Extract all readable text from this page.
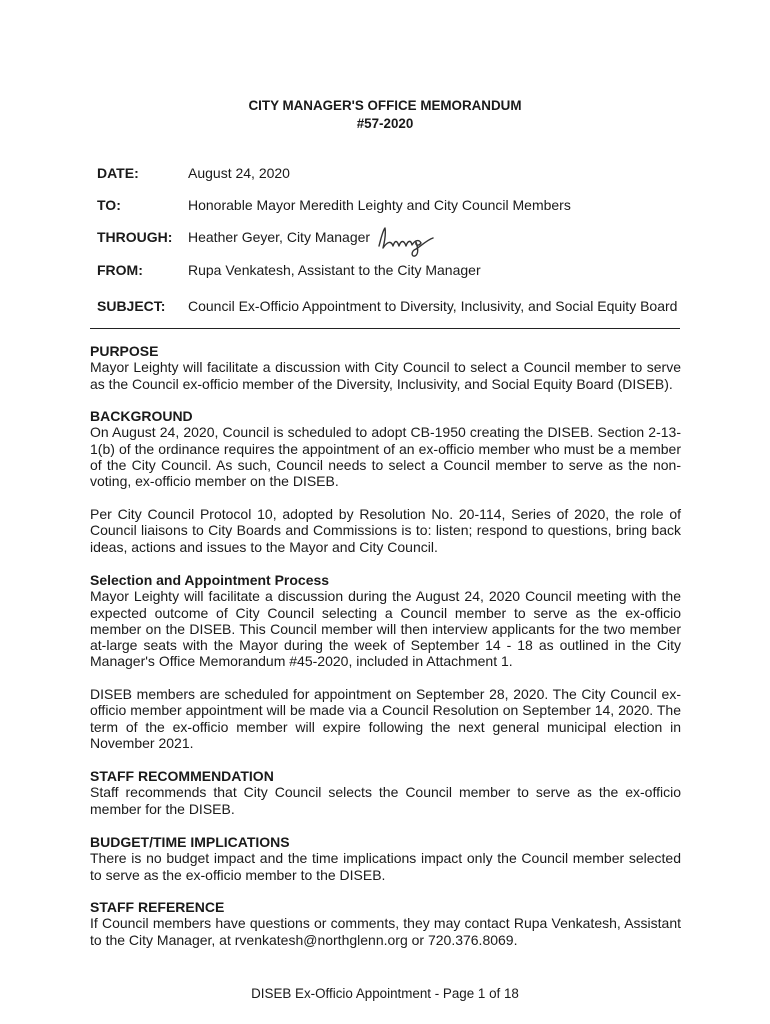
CITY MANAGER'S OFFICE MEMORANDUM
#57-2020
DATE:	August 24, 2020
TO:	Honorable Mayor Meredith Leighty and City Council Members
THROUGH: Heather Geyer, City Manager
FROM:	Rupa Venkatesh, Assistant to the City Manager
SUBJECT: Council Ex-Officio Appointment to Diversity, Inclusivity, and Social Equity Board
PURPOSE

Mayor Leighty will facilitate a discussion with City Council to select a Council member to serve as the Council ex-officio member of the Diversity, Inclusivity, and Social Equity Board (DISEB).

BACKGROUND

On August 24, 2020, Council is scheduled to adopt CB-1950 creating the DISEB. Section 2-13-1(b) of the ordinance requires the appointment of an ex-officio member who must be a member of the City Council. As such, Council needs to select a Council member to serve as the non-voting, ex-officio member on the DISEB.

Per City Council Protocol 10, adopted by Resolution No. 20-114, Series of 2020, the role of Council liaisons to City Boards and Commissions is to: listen; respond to questions, bring back ideas, actions and issues to the Mayor and City Council.

Selection and Appointment Process

Mayor Leighty will facilitate a discussion during the August 24, 2020 Council meeting with the expected outcome of City Council selecting a Council member to serve as the ex-officio member on the DISEB. This Council member will then interview applicants for the two member at-large seats with the Mayor during the week of September 14 - 18 as outlined in the City Manager's Office Memorandum #45-2020, included in Attachment 1.

DISEB members are scheduled for appointment on September 28, 2020. The City Council ex-officio member appointment will be made via a Council Resolution on September 14, 2020. The term of the ex-officio member will expire following the next general municipal election in November 2021.

STAFF RECOMMENDATION

Staff recommends that City Council selects the Council member to serve as the ex-officio member for the DISEB.

BUDGET/TIME IMPLICATIONS

There is no budget impact and the time implications impact only the Council member selected to serve as the ex-officio member to the DISEB.

STAFF REFERENCE

If Council members have questions or comments, they may contact Rupa Venkatesh, Assistant to the City Manager, at rvenkatesh@northglenn.org or 720.376.8069.

DISEB Ex-Officio Appointment - Page 1 of 18
